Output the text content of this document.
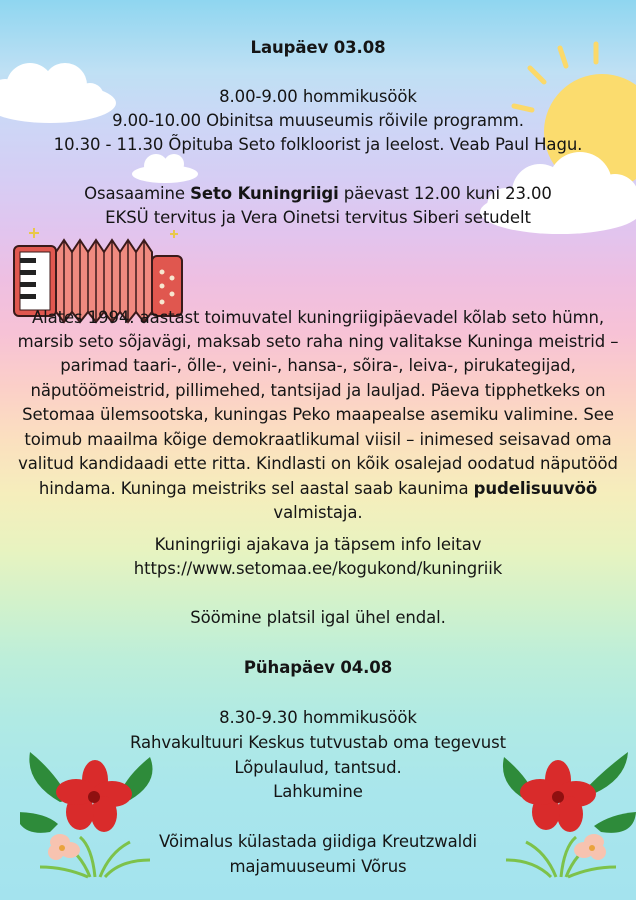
Laupäev 03.08
8.00-9.00 hommikusöök
9.00-10.00 Obinitsa muuseumis rõivile programm.
10.30 - 11.30 Õpituba Seto folkloorist ja leelost. Veab Paul Hagu.
Osasaamine Seto Kuningriigi päevast 12.00 kuni 23.00
EKSÜ tervitus ja Vera Oinetsi tervitus Siberi setudelt
Alates 1994. aastast toimuvatel kuningriigipäevadel kõlab seto hümn,
marsib seto sõjavägi, maksab seto raha ning valitakse Kuninga meistrid –
parimad taari-, õlle-, veini-, hansa-, sõira-, leiva-, pirukategijad,
näputöömeistrid, pillimehed, tantsijad ja lauljad. Päeva tipphetkeks on
Setomaa ülemsootska, kuningas Peko maapealse asemiku valimine. See
toimub maailma kõige demokraatlikumal viisil – inimesed seisavad oma
valitud kandidaadi ette ritta. Kindlasti on kõik osalejad oodatud näputööd
hindama. Kuninga meistriks sel aastal saab kaunima pudelisuuvöö
valmistaja.
Kuningriigi ajakava ja täpsem info leitav
https://www.setomaa.ee/kogukond/kuningriik
Söömine platsil igal ühel endal.
Pühapäev 04.08
8.30-9.30 hommikusöök
Rahvakultuuri Keskus tutvustab oma tegevust
Lõpulaulud, tantsud.
Lahkumine
Võimalus külastada giidiga Kreutzwaldi
majamuuseumi Võrus
